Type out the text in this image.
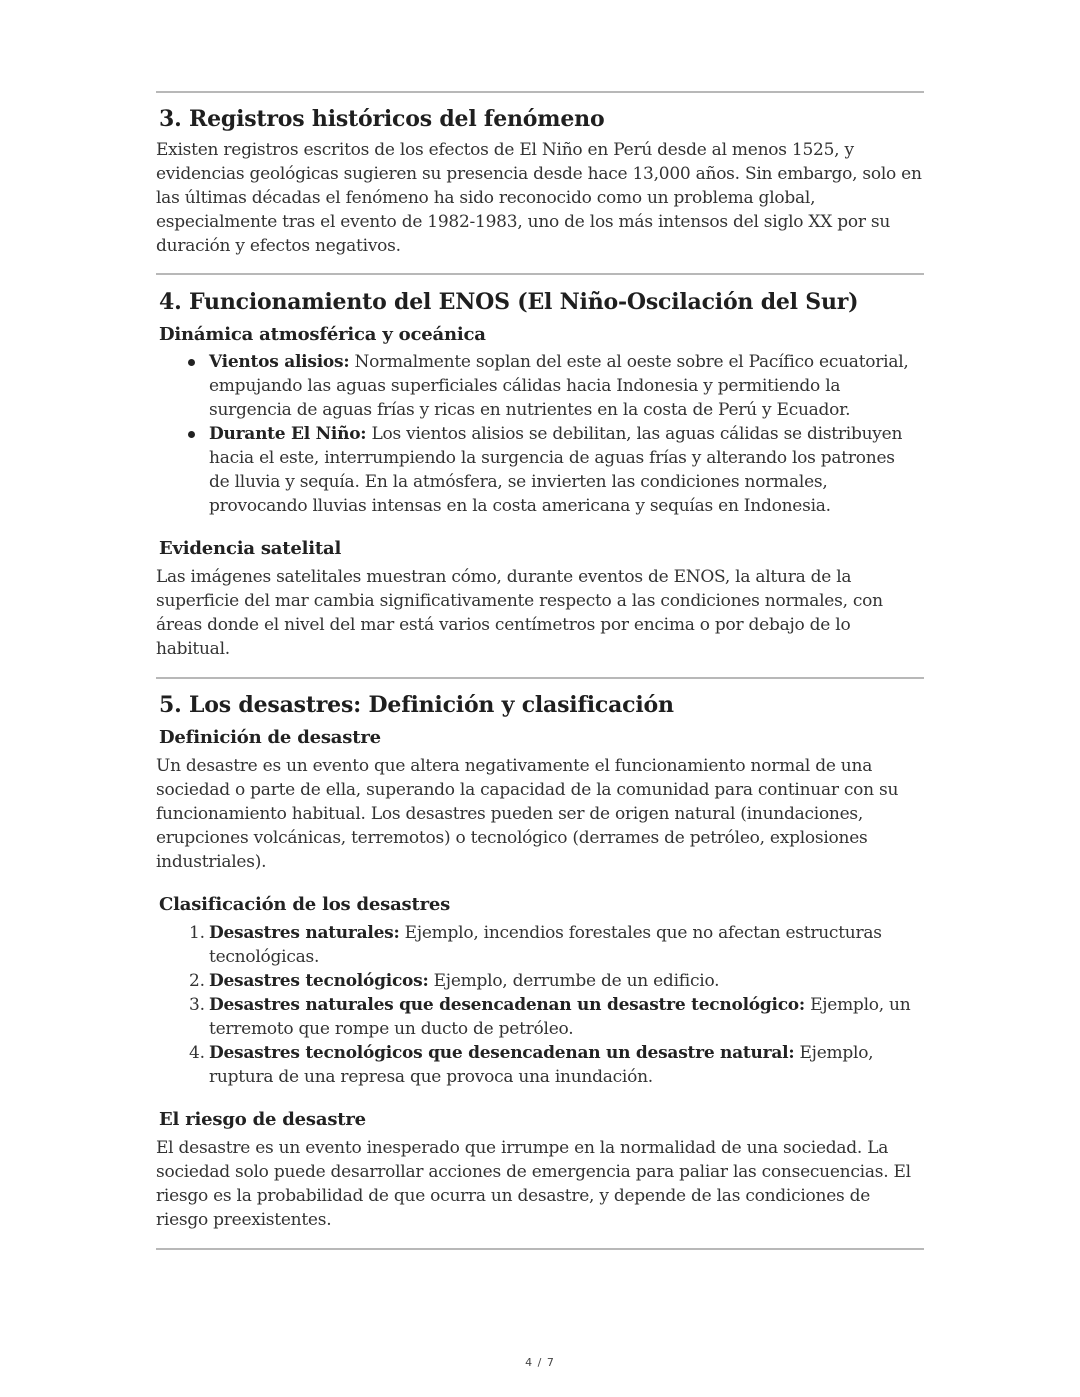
3. Registros históricos del fenómeno

Existen registros escritos de los efectos de El Niño en Perú desde al menos 1525, y evidencias geológicas sugieren su presencia desde hace 13,000 años. Sin embargo, solo en las últimas décadas el fenómeno ha sido reconocido como un problema global, especialmente tras el evento de 1982-1983, uno de los más intensos del siglo XX por su duración y efectos negativos.

4. Funcionamiento del ENOS (El Niño-Oscilación del Sur)
Dinámica atmosférica y oceánica
Vientos alisios: Normalmente soplan del este al oeste sobre el Pacífico ecuatorial, empujando las aguas superficiales cálidas hacia Indonesia y permitiendo la surgencia de aguas frías y ricas en nutrientes en la costa de Perú y Ecuador.
Durante El Niño: Los vientos alisios se debilitan, las aguas cálidas se distribuyen hacia el este, interrumpiendo la surgencia de aguas frías y alterando los patrones de lluvia y sequía. En la atmósfera, se invierten las condiciones normales, provocando lluvias intensas en la costa americana y sequías en Indonesia.
Evidencia satelital

Las imágenes satelitales muestran cómo, durante eventos de ENOS, la altura de la superficie del mar cambia significativamente respecto a las condiciones normales, con áreas donde el nivel del mar está varios centímetros por encima o por debajo de lo habitual.

5. Los desastres: Definición y clasificación
Definición de desastre

Un desastre es un evento que altera negativamente el funcionamiento normal de una sociedad o parte de ella, superando la capacidad de la comunidad para continuar con su funcionamiento habitual. Los desastres pueden ser de origen natural (inundaciones, erupciones volcánicas, terremotos) o tecnológico (derrames de petróleo, explosiones industriales).

Clasificación de los desastres
1. Desastres naturales: Ejemplo, incendios forestales que no afectan estructuras tecnológicas.
2. Desastres tecnológicos: Ejemplo, derrumbe de un edificio.
3. Desastres naturales que desencadenan un desastre tecnológico: Ejemplo, un terremoto que rompe un ducto de petróleo.
4. Desastres tecnológicos que desencadenan un desastre natural: Ejemplo, ruptura de una represa que provoca una inundación.
El riesgo de desastre

El desastre es un evento inesperado que irrumpe en la normalidad de una sociedad. La sociedad solo puede desarrollar acciones de emergencia para paliar las consecuencias. El riesgo es la probabilidad de que ocurra un desastre, y depende de las condiciones de riesgo preexistentes.

4 / 7
